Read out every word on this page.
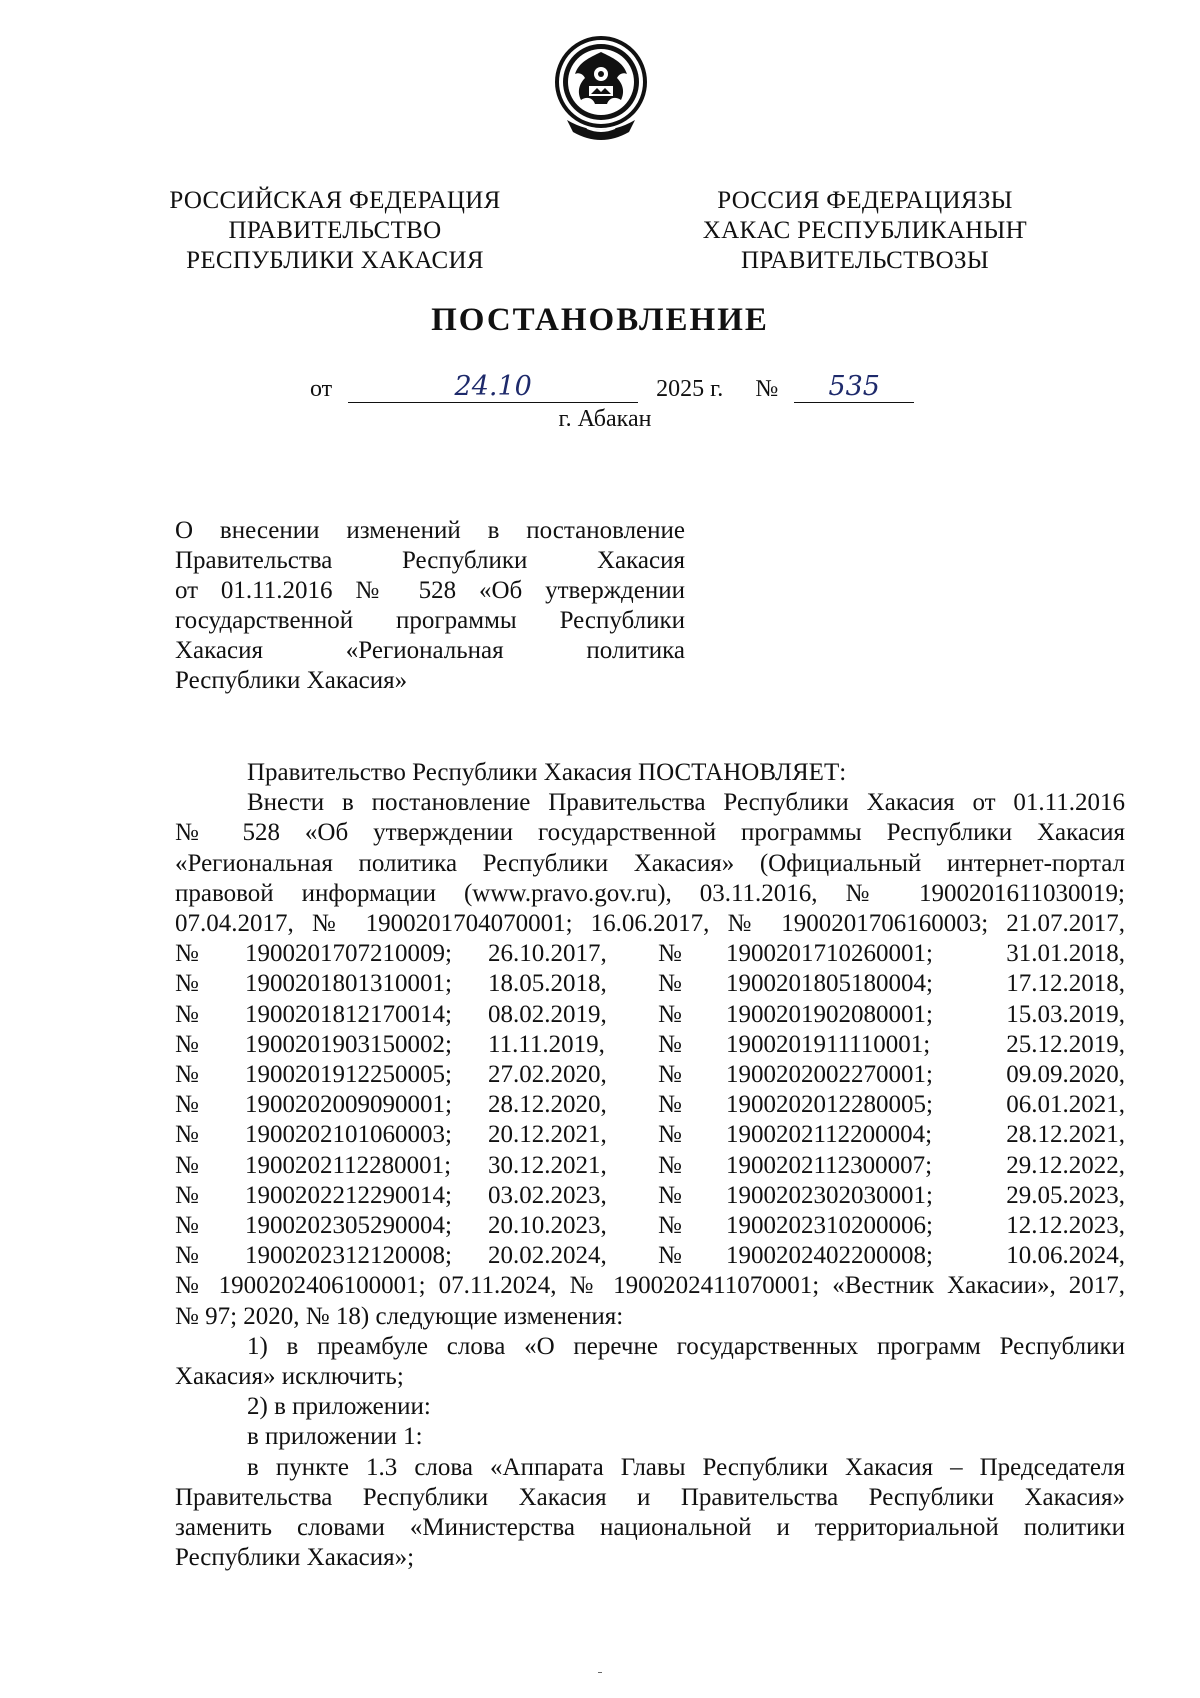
РОССИЙСКАЯ ФЕДЕРАЦИЯ
ПРАВИТЕЛЬСТВО
РЕСПУБЛИКИ ХАКАСИЯ
РОССИЯ ФЕДЕРАЦИЯЗЫ
ХАКАС РЕСПУБЛИКАНЫҤ
ПРАВИТЕЛЬСТВОЗЫ
ПОСТАНОВЛЕНИЕ
от	24.10	2025 г. № 535
г. Абакан
О внесении изменений в постановление
Правительства Республики Хакасия
от 01.11.2016 № 528 «Об утверждении
государственной программы Республики
Хакасия «Региональная политика
Республики Хакасия»
Правительство Республики Хакасия ПОСТАНОВЛЯЕТ:
Внести в постановление Правительства Республики Хакасия от 01.11.2016
№ 528 «Об утверждении государственной программы Республики Хакасия
«Региональная политика Республики Хакасия» (Официальный интернет-портал
правовой информации (www.pravo.gov.ru), 03.11.2016, № 1900201611030019;
07.04.2017, № 1900201704070001; 16.06.2017, № 1900201706160003; 21.07.2017,
№	1900201707210009;	26.10.2017,	№	1900201710260001;	31.01.2018,
№	1900201801310001;	18.05.2018,	№	1900201805180004;	17.12.2018,
№	1900201812170014;	08.02.2019,	№	1900201902080001;	15.03.2019,
№	1900201903150002;	11.11.2019,	№	1900201911110001;	25.12.2019,
№	1900201912250005;	27.02.2020,	№	1900202002270001;	09.09.2020,
№	1900202009090001;	28.12.2020,	№	1900202012280005;	06.01.2021,
№	1900202101060003;	20.12.2021,	№	1900202112200004;	28.12.2021,
№	1900202112280001;	30.12.2021,	№	1900202112300007;	29.12.2022,
№	1900202212290014;	03.02.2023,	№	1900202302030001;	29.05.2023,
№	1900202305290004;	20.10.2023,	№	1900202310200006;	12.12.2023,
№	1900202312120008;	20.02.2024,	№	1900202402200008;	10.06.2024,
№ 1900202406100001; 07.11.2024, № 1900202411070001; «Вестник Хакасии», 2017,
№ 97; 2020, № 18) следующие изменения:
1) в преамбуле слова «О перечне государственных программ Республики
Хакасия» исключить;
2) в приложении:
в приложении 1:
в пункте 1.3 слова «Аппарата Главы Республики Хакасия – Председателя
Правительства Республики Хакасия и Правительства Республики Хакасия»
заменить словами «Министерства национальной и территориальной политики
Республики Хакасия»;
